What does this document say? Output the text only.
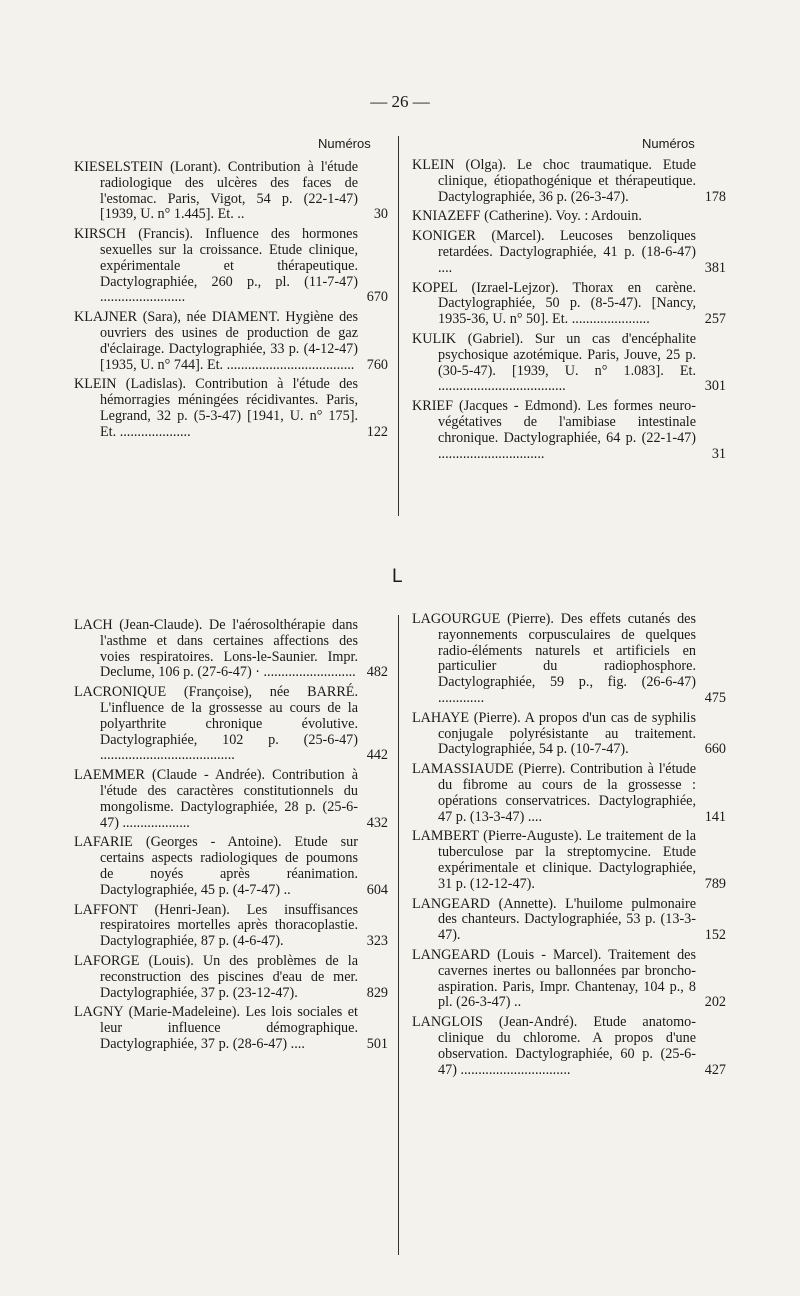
— 26 —
Numéros	Numéros
L
KIESELSTEIN (Lorant). Contribution à l'étude radiologique des ulcères des faces de l'estomac. Paris, Vigot, 54 p. (22-1-47) [1939, U. n° 1.445]. Et. ..	30
KIRSCH (Francis). Influence des hormones sexuelles sur la croissance. Etude clinique, expérimentale et thérapeutique. Dactylographiée, 260 p., pl. (11-7-47) ........................	670
KLAJNER (Sara), née DIAMENT. Hygiène des ouvriers des usines de production de gaz d'éclairage. Dactylographiée, 33 p. (4-12-47) [1935, U. n° 744]. Et. .................................... 760
KLEIN (Ladislas). Contribution à l'étude des hémorragies méningées récidivantes. Paris, Legrand, 32 p. (5-3-47) [1941, U. n° 175]. Et. ....................	122
KLEIN (Olga). Le choc traumatique. Etude clinique, étiopathogénique et thérapeutique. Dactylographiée, 36 p. (26-3-47).	178
KNIAZEFF (Catherine). Voy. : Ardouin.
KONIGER (Marcel). Leucoses benzoliques retardées. Dactylographiée, 41 p. (18-6-47) ....	381
KOPEL (Izrael-Lejzor). Thorax en carène. Dactylographiée, 50 p. (8-5-47). [Nancy, 1935-36, U. n° 50]. Et. ......................	257
KULIK (Gabriel). Sur un cas d'encéphalite psychosique azotémique. Paris, Jouve, 25 p. (30-5-47). [1939, U. n° 1.083]. Et. ....................................	301
KRIEF (Jacques - Edmond). Les formes neuro-végétatives de l'amibiase intestinale chronique. Dactylographiée, 64 p. (22-1-47) ..............................	31
LACH (Jean-Claude). De l'aérosolthérapie dans l'asthme et dans certaines affections des voies respiratoires. Lons-le-Saunier. Impr. Declume, 106 p. (27-6-47) · .......................... 482
LACRONIQUE (Françoise), née BARRÉ. L'influence de la grossesse au cours de la polyarthrite chronique évolutive. Dactylographiée, 102 p. (25-6-47) ......................................	442
LAEMMER (Claude - Andrée). Contribution à l'étude des caractères constitutionnels du mongolisme. Dactylographiée, 28 p. (25-6-47) ...................	432
LAFARIE (Georges - Antoine). Etude sur certains aspects radiologiques de poumons de noyés après réanimation. Dactylographiée, 45 p. (4-7-47) ..	604
LAFFONT (Henri-Jean). Les insuffisances respiratoires mortelles après thoracoplastie. Dactylographiée, 87 p. (4-6-47).	323
LAFORGE (Louis). Un des problèmes de la reconstruction des piscines d'eau de mer. Dactylographiée, 37 p. (23-12-47).	829
LAGNY (Marie-Madeleine). Les lois sociales et leur influence démographique. Dactylographiée, 37 p. (28-6-47) ....	501
LAGOURGUE (Pierre). Des effets cutanés des rayonnements corpusculaires de quelques radio-éléments naturels et artificiels en particulier du radiophosphore. Dactylographiée, 59 p., fig. (26-6-47) .............	475
LAHAYE (Pierre). A propos d'un cas de syphilis conjugale polyrésistante au traitement. Dactylographiée, 54 p. (10-7-47).	660
LAMASSIAUDE (Pierre). Contribution à l'étude du fibrome au cours de la grossesse : opérations conservatrices. Dactylographiée, 47 p. (13-3-47) ....	141
LAMBERT (Pierre-Auguste). Le traitement de la tuberculose par la streptomycine. Etude expérimentale et clinique. Dactylographiée, 31 p. (12-12-47).	789
LANGEARD (Annette). L'huilome pulmonaire des chanteurs. Dactylographiée, 53 p. (13-3-47).	152
LANGEARD (Louis - Marcel). Traitement des cavernes inertes ou ballonnées par broncho-aspiration. Paris, Impr. Chantenay, 104 p., 8 pl. (26-3-47) ..	202
LANGLOIS (Jean-André). Etude anatomo-clinique du chlorome. A propos d'une observation. Dactylographiée, 60 p. (25-6-47) ...............................	427
